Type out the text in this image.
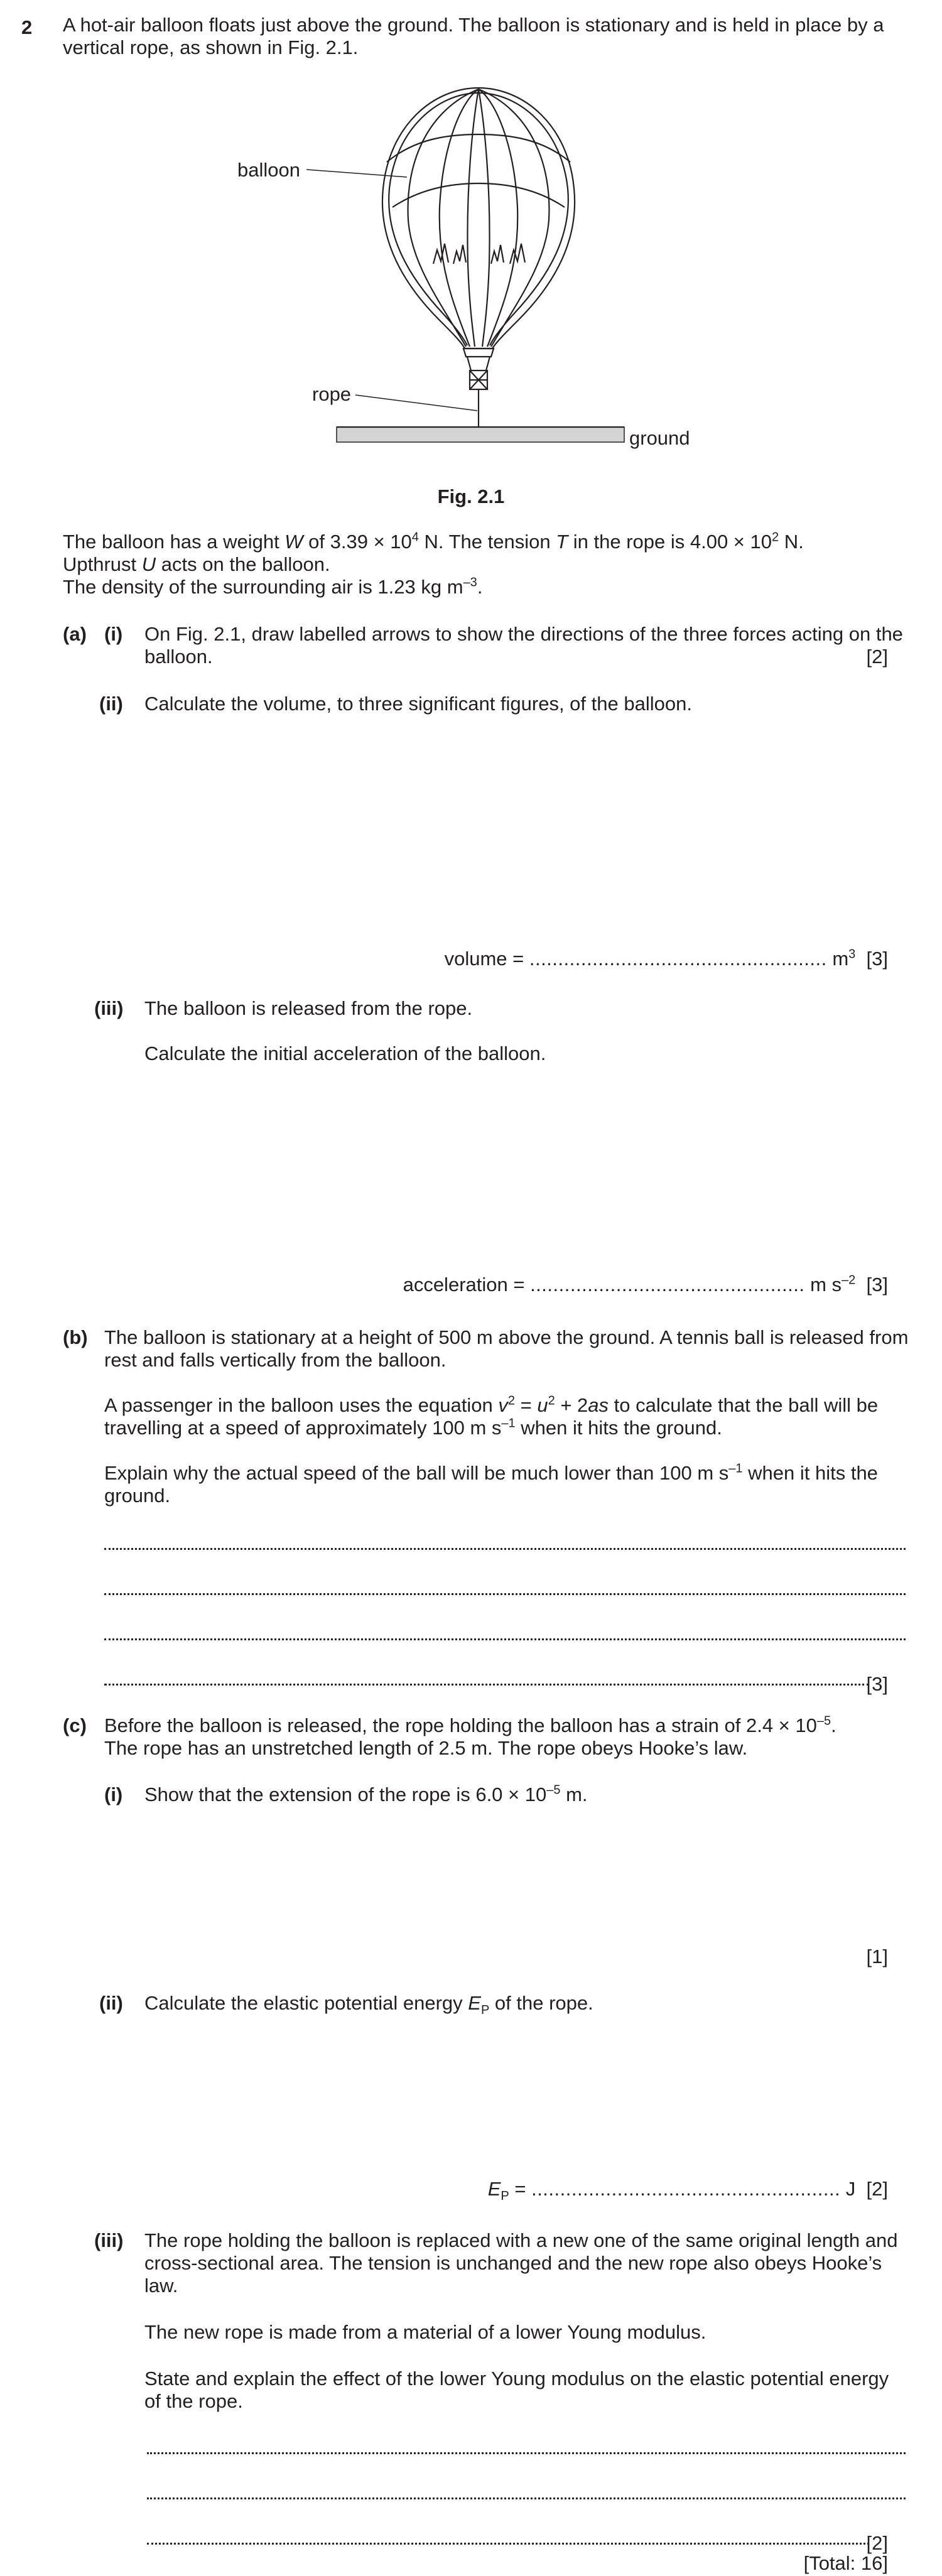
2 A hot-air balloon floats just above the ground. The balloon is stationary and is held in place by a
vertical rope, as shown in Fig. 2.1.
balloon
rope
ground
Fig. 2.1
The balloon has a weight W of $3.39 \times 10^4$ N. The tension T in the rope is $4.00 \times 10^2$ N.
Upthrust U acts on the balloon.
The density of the surrounding air is 1.23 kg $m^{-3}$.
(a) (i) On Fig. 2.1, draw labelled arrows to show the directions of the three forces acting on the
balloon.	[2]
(ii) Calculate the volume, to three significant figures, of the balloon.
volume = .................................................... $m^3$ [3]
(iii) The balloon is released from the rope.
Calculate the initial acceleration of the balloon.
acceleration = ................................................ m $s^{-2}$ [3]
(b) The balloon is stationary at a height of 500 m above the ground. A tennis ball is released from
rest and falls vertically from the balloon.
A passenger in the balloon uses the equation $v^2 = u^2 + 2as$ to calculate that the ball will be
travelling at a speed of approximately 100 m $s^{-1}$ when it hits the ground.
Explain why the actual speed of the ball will be much lower than 100 m $s^{-1}$ when it hits the
ground.
[3]
(c) Before the balloon is released, the rope holding the balloon has a strain of $2.4 \times 10^{-5}$.
The rope has an unstretched length of 2.5 m. The rope obeys Hooke’s law.
(i) Show that the extension of the rope is $6.0 \times 10^{-5}$ m.
[1]
(ii) Calculate the elastic potential energy $E_P$ of the rope.
$E_P$ = ...................................................... J [2]
(iii) The rope holding the balloon is replaced with a new one of the same original length and
cross-sectional area. The tension is unchanged and the new rope also obeys Hooke’s
law.
The new rope is made from a material of a lower Young modulus.
State and explain the effect of the lower Young modulus on the elastic potential energy
of the rope.
[2]
[Total: 16]
